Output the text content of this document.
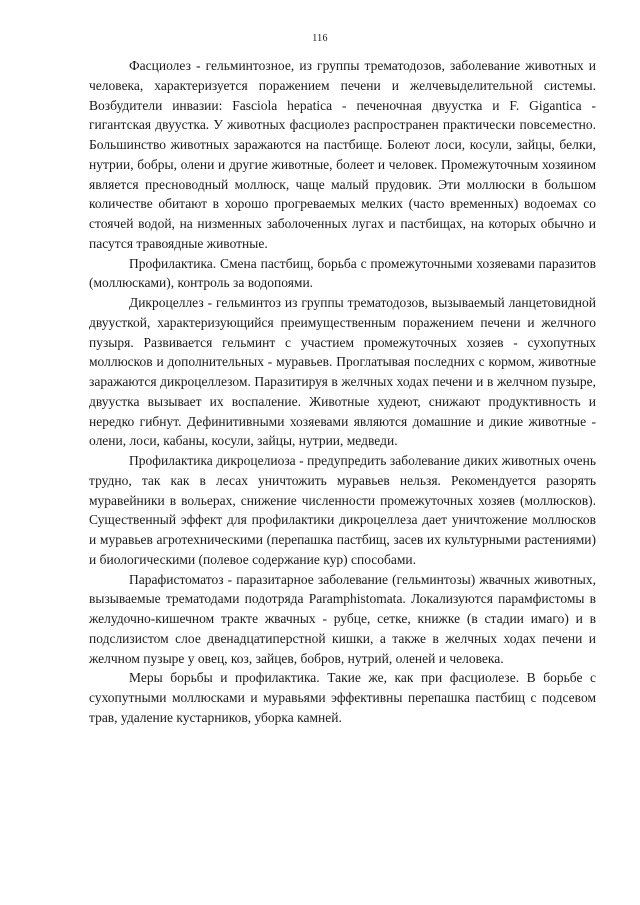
116

Фасциолез - гельминтозное, из группы трематодозов, заболевание животных и человека, характеризуется поражением печени и желчевыделительной системы. Возбудители инвазии: Fasciola hepatica - печеночная двуустка и F. Gigantica - гигантская двуустка. У животных фасциолез распространен практически повсеместно. Большинство животных заражаются на пастбище. Болеют лоси, косули, зайцы, белки, нутрии, бобры, олени и другие животные, болеет и человек. Промежуточным хозяином является пресноводный моллюск, чаще малый прудовик. Эти моллюски в большом количестве обитают в хорошо прогреваемых мелких (часто временных) водоемах со стоячей водой, на низменных заболоченных лугах и пастбищах, на которых обычно и пасутся травоядные животные.

Профилактика. Смена пастбищ, борьба с промежуточными хозяевами паразитов (моллюсками), контроль за водопоями.

Дикроцеллез - гельминтоз из группы трематодозов, вызываемый ланцетовидной двуусткой, характеризующийся преимущественным поражением печени и желчного пузыря. Развивается гельминт с участием промежуточных хозяев - сухопутных моллюсков и дополнительных - муравьев. Проглатывая последних с кормом, животные заражаются дикроцеллезом. Паразитируя в желчных ходах печени и в желчном пузыре, двуустка вызывает их воспаление. Животные худеют, снижают продуктивность и нередко гибнут. Дефинитивными хозяевами являются домашние и дикие животные - олени, лоси, кабаны, косули, зайцы, нутрии, медведи.

Профилактика дикроцелиоза - предупредить заболевание диких животных очень трудно, так как в лесах уничтожить муравьев нельзя. Рекомендуется разорять муравейники в вольерах, снижение численности промежуточных хозяев (моллюсков). Существенный эффект для профилактики дикроцеллеза дает уничтожение моллюсков и муравьев агротехническими (перепашка пастбищ, засев их культурными растениями) и биологическими (полевое содержание кур) способами.

Парафистоматоз - паразитарное заболевание (гельминтозы) жвачных животных, вызываемые трематодами подотряда Paramphistomata. Локализуются парамфистомы в желудочно-кишечном тракте жвачных - рубце, сетке, книжке (в стадии имаго) и в подслизистом слое двенадцатиперстной кишки, а также в желчных ходах печени и желчном пузыре у овец, коз, зайцев, бобров, нутрий, оленей и человека.

Меры борьбы и профилактика. Такие же, как при фасциолезе. В борьбе с сухопутными моллюсками и муравьями эффективны перепашка пастбищ с подсевом трав, удаление кустарников, уборка камней.
